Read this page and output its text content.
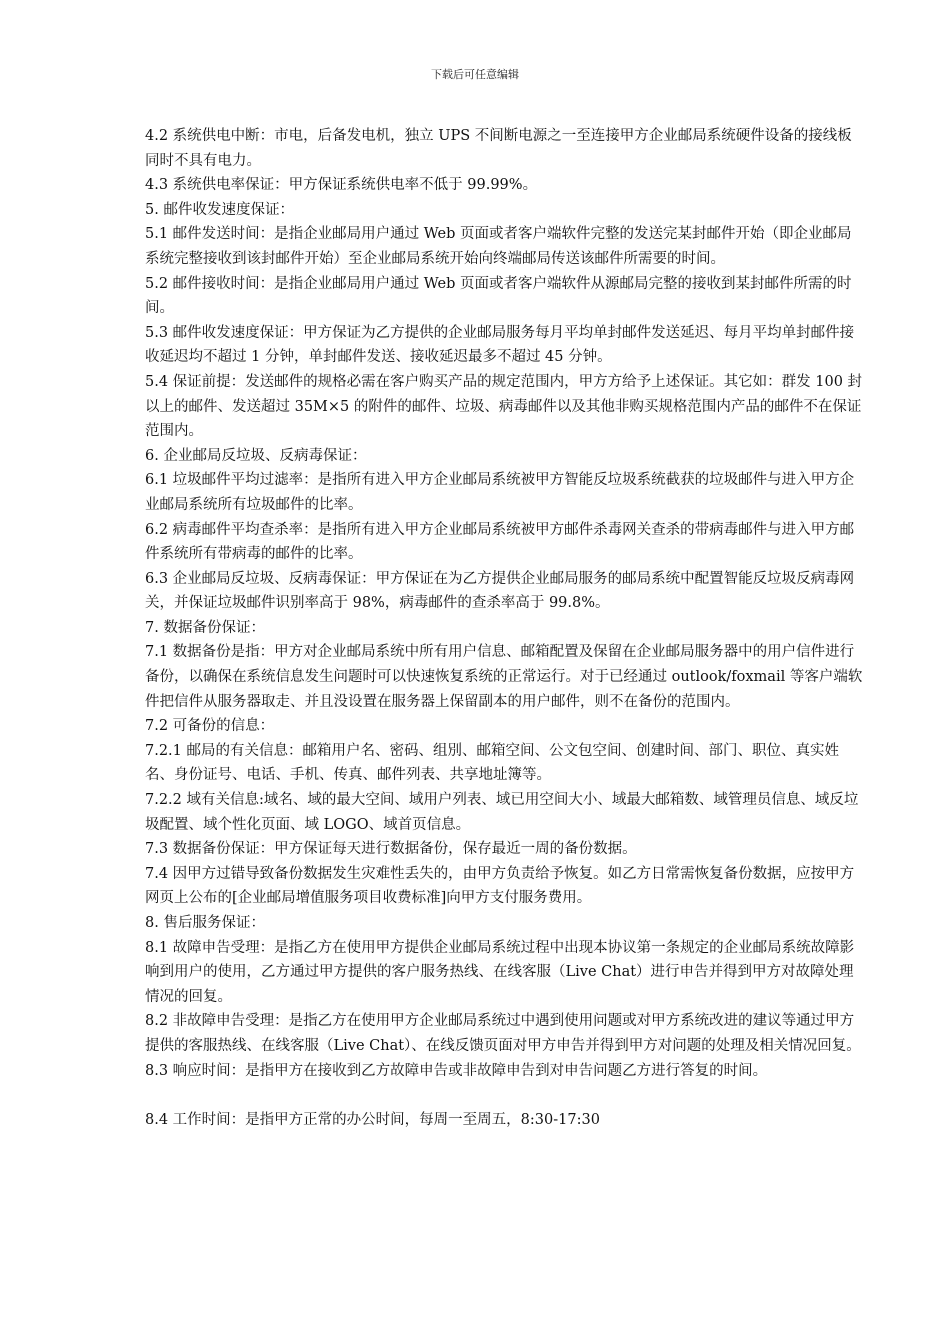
下载后可任意编辑

4.2 系统供电中断：市电，后备发电机，独立 UPS 不间断电源之一至连接甲方企业邮局系统硬件设备的接线板同时不具有电力。

4.3 系统供电率保证：甲方保证系统供电率不低于 99.99%。

5. 邮件收发速度保证：

5.1 邮件发送时间：是指企业邮局用户通过 Web 页面或者客户端软件完整的发送完某封邮件开始（即企业邮局系统完整接收到该封邮件开始）至企业邮局系统开始向终端邮局传送该邮件所需要的时间。

5.2 邮件接收时间：是指企业邮局用户通过 Web 页面或者客户端软件从源邮局完整的接收到某封邮件所需的时间。

5.3 邮件收发速度保证：甲方保证为乙方提供的企业邮局服务每月平均单封邮件发送延迟、每月平均单封邮件接收延迟均不超过 1 分钟，单封邮件发送、接收延迟最多不超过 45 分钟。

5.4 保证前提：发送邮件的规格必需在客户购买产品的规定范围内，甲方方给予上述保证。其它如：群发 100 封以上的邮件、发送超过 35M×5 的附件的邮件、垃圾、病毒邮件以及其他非购买规格范围内产品的邮件不在保证范围内。

6. 企业邮局反垃圾、反病毒保证：

6.1 垃圾邮件平均过滤率：是指所有进入甲方企业邮局系统被甲方智能反垃圾系统截获的垃圾邮件与进入甲方企业邮局系统所有垃圾邮件的比率。

6.2 病毒邮件平均查杀率：是指所有进入甲方企业邮局系统被甲方邮件杀毒网关查杀的带病毒邮件与进入甲方邮件系统所有带病毒的邮件的比率。

6.3 企业邮局反垃圾、反病毒保证：甲方保证在为乙方提供企业邮局服务的邮局系统中配置智能反垃圾反病毒网关，并保证垃圾邮件识别率高于 98%，病毒邮件的查杀率高于 99.8%。

7. 数据备份保证：

7.1 数据备份是指：甲方对企业邮局系统中所有用户信息、邮箱配置及保留在企业邮局服务器中的用户信件进行备份，以确保在系统信息发生问题时可以快速恢复系统的正常运行。对于已经通过 outlook/foxmail 等客户端软件把信件从服务器取走、并且没设置在服务器上保留副本的用户邮件，则不在备份的范围内。

7.2 可备份的信息：

7.2.1 邮局的有关信息：邮箱用户名、密码、组別、邮箱空间、公文包空间、创建时间、部门、职位、真实姓名、身份证号、电话、手机、传真、邮件列表、共享地址簿等。

7.2.2 域有关信息:域名、域的最大空间、域用户列表、域已用空间大小、域最大邮箱数、域管理员信息、域反垃圾配置、域个性化页面、域 LOGO、域首页信息。

7.3 数据备份保证：甲方保证每天进行数据备份，保存最近一周的备份数据。

7.4 因甲方过错导致备份数据发生灾难性丢失的，由甲方负责给予恢复。如乙方日常需恢复备份数据，应按甲方网页上公布的[企业邮局增值服务项目收费标准]向甲方支付服务费用。

8. 售后服务保证：

8.1 故障申告受理：是指乙方在使用甲方提供企业邮局系统过程中出现本协议第一条规定的企业邮局系统故障影响到用户的使用，乙方通过甲方提供的客户服务热线、在线客服（Live Chat）进行申告并得到甲方对故障处理情况的回复。

8.2 非故障申告受理：是指乙方在使用甲方企业邮局系统过中遇到使用问题或对甲方系统改进的建议等通过甲方提供的客服热线、在线客服（Live Chat）、在线反馈页面对甲方申告并得到甲方对问题的处理及相关情况回复。

8.3 响应时间：是指甲方在接收到乙方故障申告或非故障申告到对申告问题乙方进行答复的时间。

8.4 工作时间：是指甲方正常的办公时间，每周一至周五，8:30-17:30
